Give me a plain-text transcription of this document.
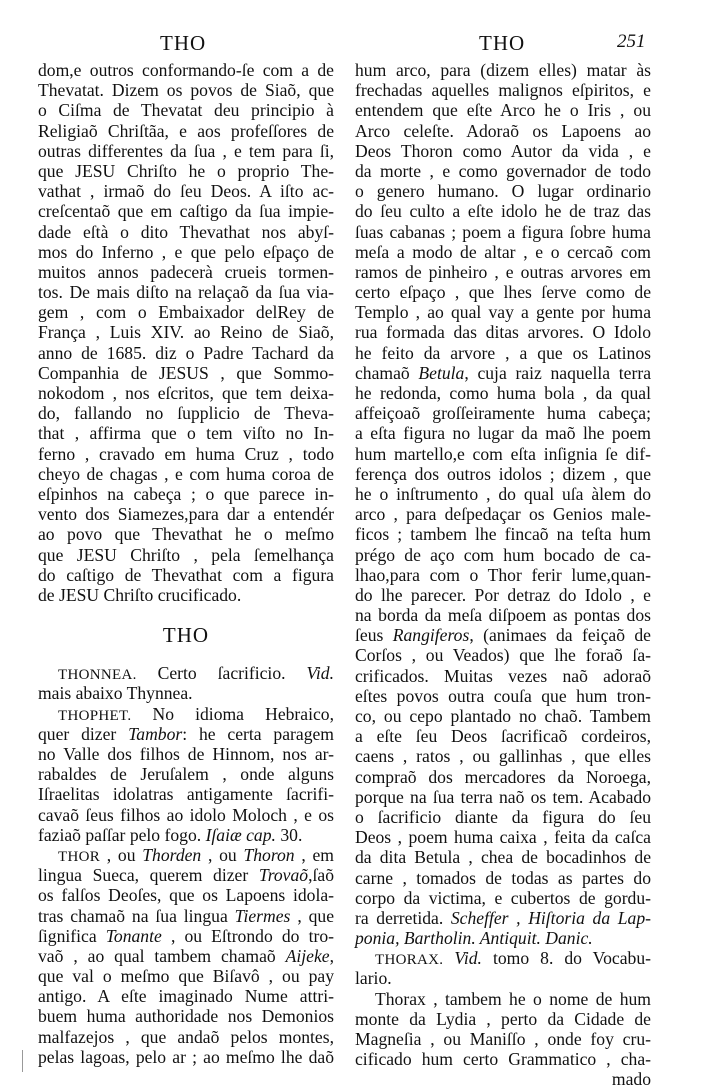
THO	THO	251
dom,e outros conformando-ſe com a de
Thevatat. Dizem os povos de Siaõ, que
o Ciſma de Thevatat deu principio à
Religiaõ Chriſtãa, e aos profeſſores de
outras differentes da ſua , e tem para ſi,
que JESU Chriſto he o proprio The-
vathat , irmaõ do ſeu Deos. A iſto ac-
creſcentaõ que em caſtigo da ſua impie-
dade eſtà o dito Thevathat nos abyſ-
mos do Inferno , e que pelo eſpaço de
muitos annos padecerà crueis tormen-
tos. De mais diſto na relaçaõ da ſua via-
gem , com o Embaixador delRey de
França , Luis XIV. ao Reino de Siaõ,
anno de 1685. diz o Padre Tachard da
Companhia de JESUS , que Sommo-
nokodom , nos eſcritos, que tem deixa-
do, fallando no ſupplicio de Theva-
that , affirma que o tem viſto no In-
ferno , cravado em huma Cruz , todo
cheyo de chagas , e com huma coroa de
eſpinhos na cabeça ; o que parece in-
vento dos Siamezes,para dar a entendér
ao povo que Thevathat he o meſmo
que JESU Chriſto , pela ſemelhança
do caſtigo de Thevathat com a figura
de JESU Chriſto crucificado.
THO
THONNEA. Certo ſacrificio. Vid.
mais abaixo Thynnea.
THOPHET. No idioma Hebraico,
quer dizer Tambor: he certa paragem
no Valle dos filhos de Hinnom, nos ar-
rabaldes de Jeruſalem , onde alguns
Iſraelitas idolatras antigamente ſacrifi-
cavaõ ſeus filhos ao idolo Moloch , e os
faziaõ paſſar pelo fogo. Iſaiæ cap. 30.
THOR , ou Thorden , ou Thoron , em
lingua Sueca, querem dizer Trovaõ,ſaõ
os falſos Deoſes, que os Lapoens idola-
tras chamaõ na ſua lingua Tiermes , que
ſignifica Tonante , ou Eſtrondo do tro-
vaõ , ao qual tambem chamaõ Aijeke,
que val o meſmo que Biſavô , ou pay
antigo. A eſte imaginado Nume attri-
buem huma authoridade nos Demonios
malfazejos , que andaõ pelos montes,
pelas lagoas, pelo ar ; ao meſmo lhe daõ
hum arco, para (dizem elles) matar às
frechadas aquelles malignos eſpiritos, e
entendem que eſte Arco he o Iris , ou
Arco celeſte. Adoraõ os Lapoens ao
Deos Thoron como Autor da vida , e
da morte , e como governador de todo
o genero humano. O lugar ordinario
do ſeu culto a eſte idolo he de traz das
ſuas cabanas ; poem a figura ſobre huma
meſa a modo de altar , e o cercaõ com
ramos de pinheiro , e outras arvores em
certo eſpaço , que lhes ſerve como de
Templo , ao qual vay a gente por huma
rua formada das ditas arvores. O Idolo
he feito da arvore , a que os Latinos
chamaõ Betula, cuja raiz naquella terra
he redonda, como huma bola , da qual
affeiçoaõ groſſeiramente huma cabeça;
a eſta figura no lugar da maõ lhe poem
hum martello,e com eſta inſignia ſe dif-
ferença dos outros idolos ; dizem , que
he o inſtrumento , do qual uſa àlem do
arco , para deſpedaçar os Genios male-
ficos ; tambem lhe fincaõ na teſta hum
prégo de aço com hum bocado de ca-
lhao,para com o Thor ferir lume,quan-
do lhe parecer. Por detraz do Idolo , e
na borda da meſa diſpoem as pontas dos
ſeus Rangiferos, (animaes da feiçaõ de
Corſos , ou Veados) que lhe foraõ ſa-
crificados. Muitas vezes naõ adoraõ
eſtes povos outra couſa que hum tron-
co, ou cepo plantado no chaõ. Tambem
a eſte ſeu Deos ſacrificaõ cordeiros,
caens , ratos , ou gallinhas , que elles
compraõ dos mercadores da Noroega,
porque na ſua terra naõ os tem. Acabado
o ſacrificio diante da figura do ſeu
Deos , poem huma caixa , feita da caſca
da dita Betula , chea de bocadinhos de
carne , tomados de todas as partes do
corpo da victima, e cubertos de gordu-
ra derretida. Scheffer , Hiſtoria da Lap-
ponia, Bartholin. Antiquit. Danic.
THORAX. Vid. tomo 8. do Vocabu-
lario.
Thorax , tambem he o nome de hum
monte da Lydia , perto da Cidade de
Magneſia , ou Maniſſo , onde foy cru-
cificado hum certo Grammatico , cha-
mado
